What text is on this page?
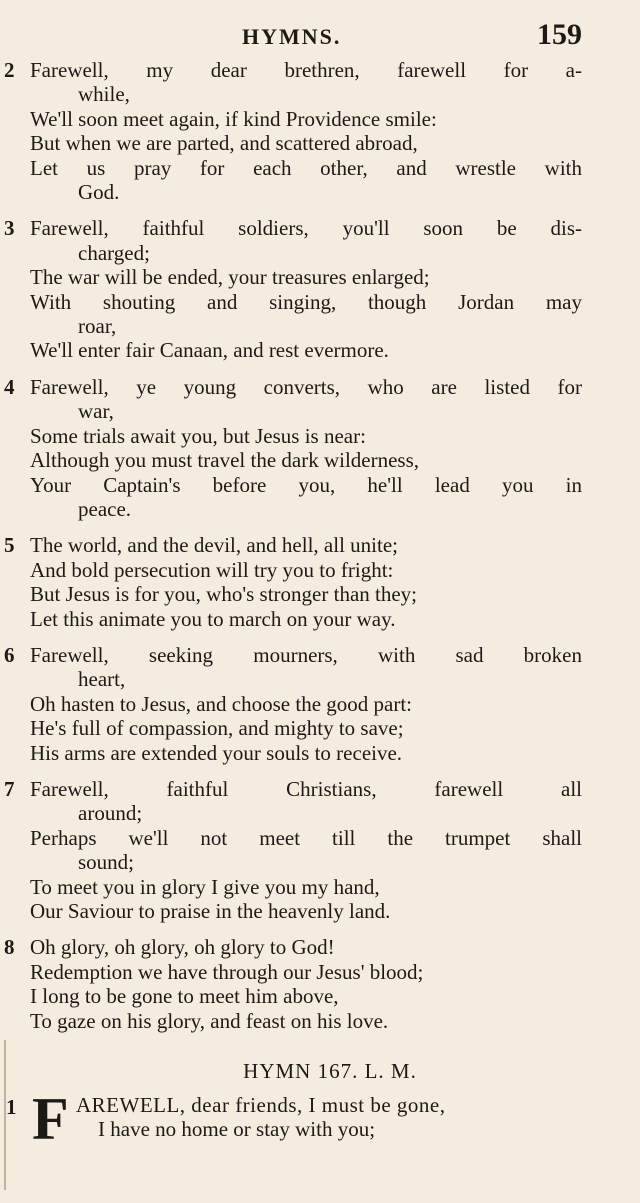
HYMNS.	159
2 Farewell, my dear brethren, farewell for a-
while,
We'll soon meet again, if kind Providence smile:
But when we are parted, and scattered abroad,
Let us pray for each other, and wrestle with
God.
3 Farewell, faithful soldiers, you'll soon be dis-
charged;
The war will be ended, your treasures enlarged;
With shouting and singing, though Jordan may
roar,
We'll enter fair Canaan, and rest evermore.
4 Farewell, ye young converts, who are listed for
war,
Some trials await you, but Jesus is near:
Although you must travel the dark wilderness,
Your Captain's before you, he'll lead you in
peace.
5 The world, and the devil, and hell, all unite;
And bold persecution will try you to fright:
But Jesus is for you, who's stronger than they;
Let this animate you to march on your way.
6 Farewell, seeking mourners, with sad broken
heart,
Oh hasten to Jesus, and choose the good part:
He's full of compassion, and mighty to save;
His arms are extended your souls to receive.
7 Farewell, faithful Christians, farewell all
around;
Perhaps we'll not meet till the trumpet shall
sound;
To meet you in glory I give you my hand,
Our Saviour to praise in the heavenly land.
8 Oh glory, oh glory, oh glory to God!
Redemption we have through our Jesus' blood;
I long to be gone to meet him above,
To gaze on his glory, and feast on his love.
HYMN 167. L. M.
1 F AREWELL, dear friends, I must be gone,
I have no home or stay with you;
